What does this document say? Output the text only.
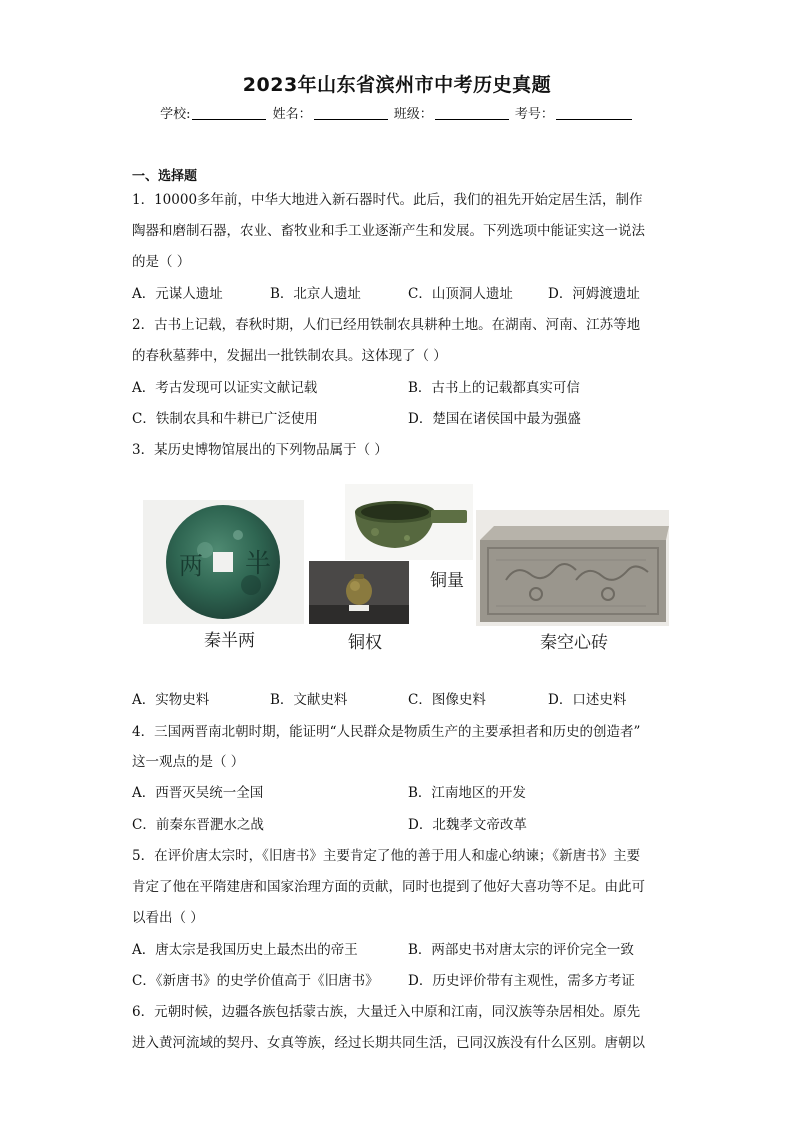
2023年山东省滨州市中考历史真题
学校:	姓名：	班级：	考号：
一、选择题
1．10000多年前，中华大地进入新石器时代。此后，我们的祖先开始定居生活，制作
陶器和磨制石器，农业、畜牧业和手工业逐渐产生和发展。下列选项中能证实这一说法
的是（ ）
A．元谋人遗址	B．北京人遗址	C．山顶洞人遗址	D．河姆渡遗址
2．古书上记载，春秋时期，人们已经用铁制农具耕种土地。在湖南、河南、江苏等地
的春秋墓葬中，发掘出一批铁制农具。这体现了（ ）
A．考古发现可以证实文献记载	B．古书上的记载都真实可信
C．铁制农具和牛耕已广泛使用	D．楚国在诸侯国中最为强盛
3．某历史博物馆展出的下列物品属于（ ）
半
两
秦半两	铜权
铜量
秦空心砖
A．实物史料	B．文献史料	C．图像史料	D．口述史料
4．三国两晋南北朝时期，能证明“人民群众是物质生产的主要承担者和历史的创造者”
这一观点的是（ ）
A．西晋灭吴统一全国	B．江南地区的开发
C．前秦东晋淝水之战	D．北魏孝文帝改革
5．在评价唐太宗时，《旧唐书》主要肯定了他的善于用人和虚心纳谏；《新唐书》主要
肯定了他在平隋建唐和国家治理方面的贡献，同时也提到了他好大喜功等不足。由此可
以看出（ ）
A．唐太宗是我国历史上最杰出的帝王	B．两部史书对唐太宗的评价完全一致
C．《新唐书》的史学价值高于《旧唐书》 D．历史评价带有主观性，需多方考证
6．元朝时候，边疆各族包括蒙古族，大量迁入中原和江南，同汉族等杂居相处。原先
进入黄河流域的契丹、女真等族，经过长期共同生活，已同汉族没有什么区别。唐朝以
